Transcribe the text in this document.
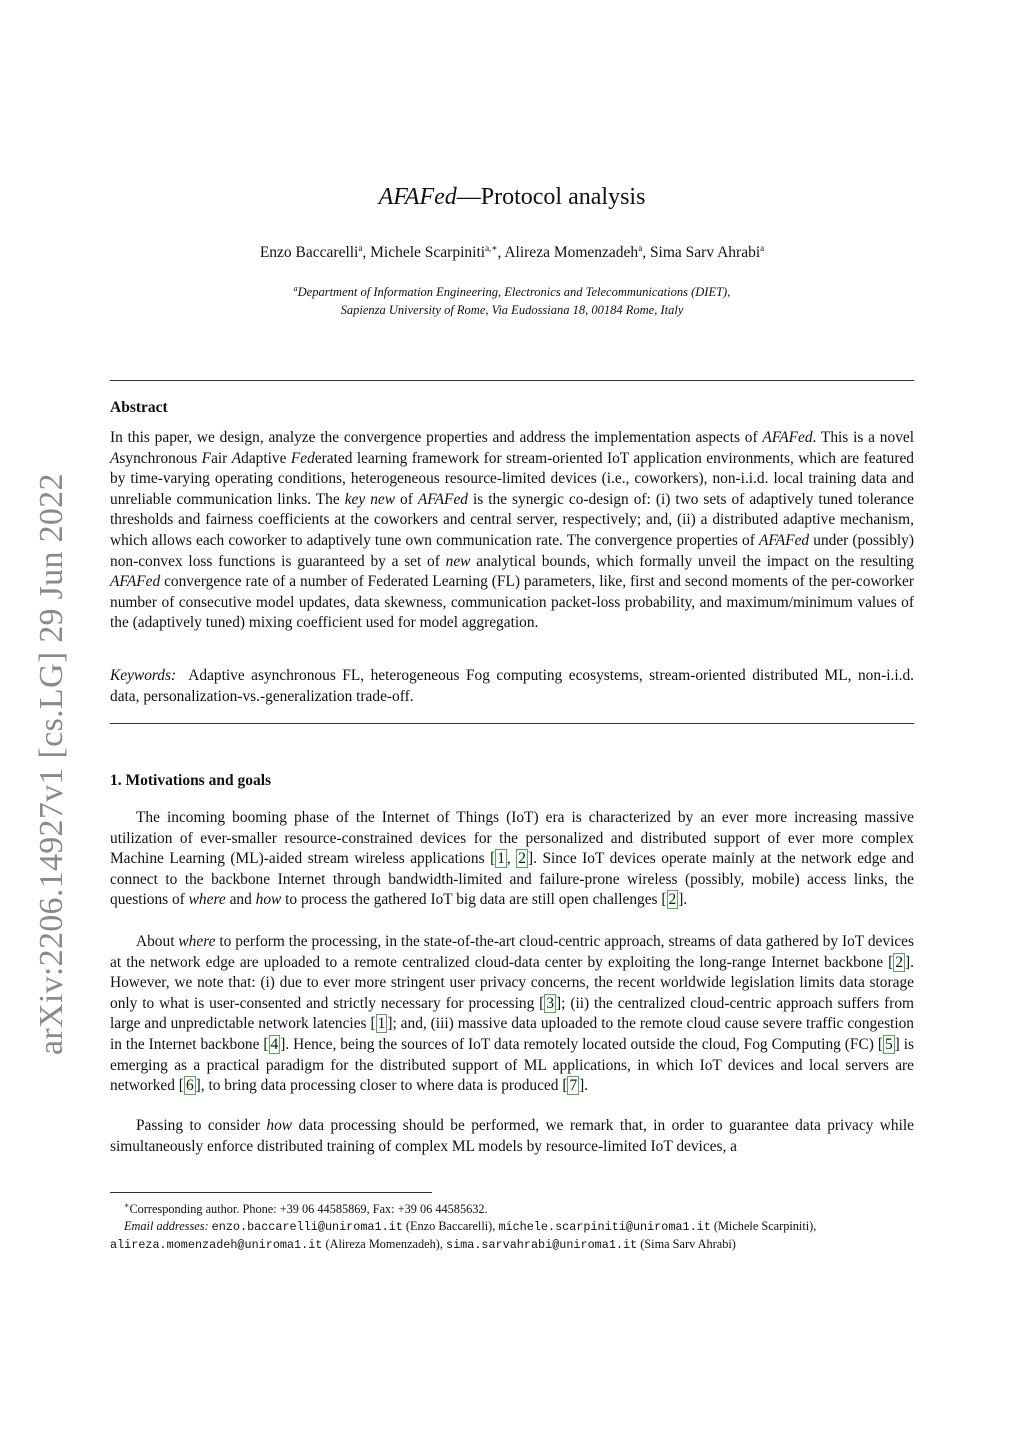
arXiv:2206.14927v1 [cs.LG] 29 Jun 2022
AFAFed—Protocol analysis
Enzo Baccarelli$^a$, Michele Scarpiniti$^{a,∗}$, Alireza Momenzadeh$^a$, Sima Sarv Ahrabi$^a$
$^a$Department of Information Engineering, Electronics and Telecommunications (DIET),
Sapienza University of Rome, Via Eudossiana 18, 00184 Rome, Italy
Abstract
In this paper, we design, analyze the convergence properties and address the implementation aspects of AFAFed. This is a novel Asynchronous Fair Adaptive Federated learning framework for stream-oriented IoT application environments, which are featured by time-varying operating conditions, heterogeneous resource-limited devices (i.e., coworkers), non-i.i.d. local training data and unreliable communication links. The key new of AFAFed is the synergic co-design of: (i) two sets of adaptively tuned tolerance thresholds and fairness coefficients at the coworkers and central server, respectively; and, (ii) a distributed adaptive mechanism, which allows each coworker to adaptively tune own communication rate. The convergence properties of AFAFed under (possibly) non-convex loss functions is guaranteed by a set of new analytical bounds, which formally unveil the impact on the resulting AFAFed convergence rate of a number of Federated Learning (FL) parameters, like, first and second moments of the per-coworker number of consecutive model updates, data skewness, communication packet-loss probability, and maximum/minimum values of the (adaptively tuned) mixing coefficient used for model aggregation.
Keywords: Adaptive asynchronous FL, heterogeneous Fog computing ecosystems, stream-oriented distributed ML, non-i.i.d. data, personalization-vs.-generalization trade-off.
1. Motivations and goals
The incoming booming phase of the Internet of Things (IoT) era is characterized by an ever more increasing massive utilization of ever-smaller resource-constrained devices for the personalized and distributed support of ever more complex Machine Learning (ML)-aided stream wireless applications [ 1 , 2 ]. Since IoT devices operate mainly at the network edge and connect to the backbone Internet through bandwidth-limited and failure-prone wireless (possibly, mobile) access links, the questions of where and how to process the gathered IoT big data are still open challenges [ 2 ].
About where to perform the processing, in the state-of-the-art cloud-centric approach, streams of data gathered by IoT devices at the network edge are uploaded to a remote centralized cloud-data center by exploiting the long-range Internet backbone [ 2 ]. However, we note that: (i) due to ever more stringent user privacy concerns, the recent worldwide legislation limits data storage only to what is user-consented and strictly necessary for processing [ 3 ]; (ii) the centralized cloud-centric approach suffers from large and unpredictable network latencies [ 1 ]; and, (iii) massive data uploaded to the remote cloud cause severe traffic congestion in the Internet backbone [ 4 ]. Hence, being the sources of IoT data remotely located outside the cloud, Fog Computing (FC) [ 5 ] is emerging as a practical paradigm for the distributed support of ML applications, in which IoT devices and local servers are networked [ 6 ], to bring data processing closer to where data is produced [ 7 ].
Passing to consider how data processing should be performed, we remark that, in order to guarantee data privacy while simultaneously enforce distributed training of complex ML models by resource-limited IoT devices, a
∗Corresponding author. Phone: +39 06 44585869, Fax: +39 06 44585632.
Email addresses: enzo.baccarelli@uniroma1.it (Enzo Baccarelli), michele.scarpiniti@uniroma1.it (Michele Scarpiniti),
alireza.momenzadeh@uniroma1.it (Alireza Momenzadeh), sima.sarvahrabi@uniroma1.it (Sima Sarv Ahrabi)
